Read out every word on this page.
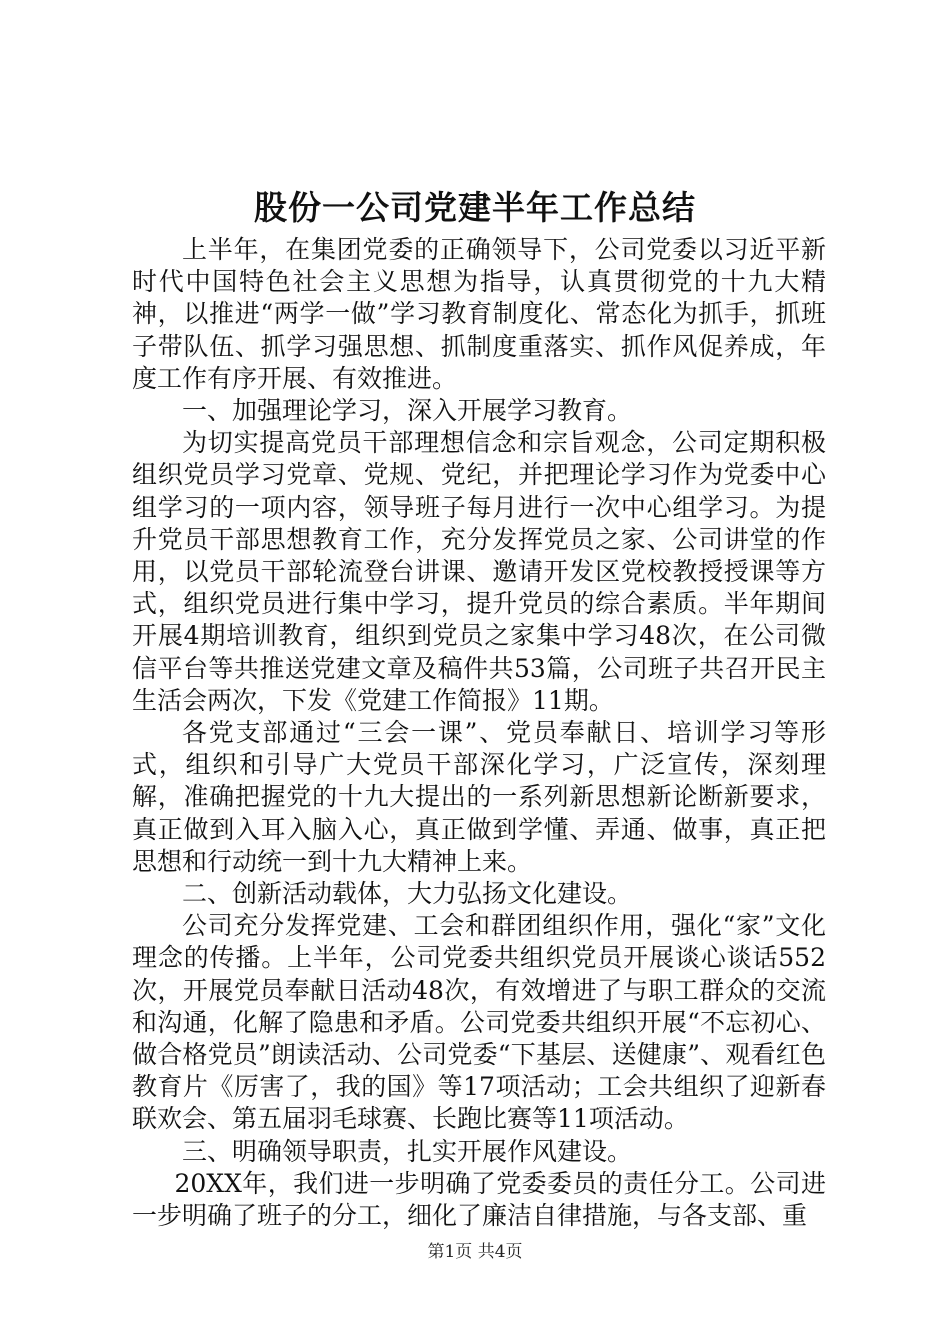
股份一公司党建半年工作总结

上半年，在集团党委的正确领导下，公司党委以习近平新时代中国特色社会主义思想为指导，认真贯彻党的十九大精神，以推进“两学一做”学习教育制度化、常态化为抓手，抓班子带队伍、抓学习强思想、抓制度重落实、抓作风促养成，年度工作有序开展、有效推进。

一、加强理论学习，深入开展学习教育。

为切实提高党员干部理想信念和宗旨观念，公司定期积极组织党员学习党章、党规、党纪，并把理论学习作为党委中心组学习的一项内容，领导班子每月进行一次中心组学习。为提升党员干部思想教育工作，充分发挥党员之家、公司讲堂的作用，以党员干部轮流登台讲课、邀请开发区党校教授授课等方式，组织党员进行集中学习，提升党员的综合素质。半年期间开展4期培训教育，组织到党员之家集中学习48次，在公司微信平台等共推送党建文章及稿件共53篇，公司班子共召开民主生活会两次，下发《党建工作简报》11期。

各党支部通过“三会一课”、党员奉献日、培训学习等形式，组织和引导广大党员干部深化学习，广泛宣传，深刻理解，准确把握党的十九大提出的一系列新思想新论断新要求，真正做到入耳入脑入心，真正做到学懂、弄通、做事，真正把思想和行动统一到十九大精神上来。

二、创新活动载体，大力弘扬文化建设。

公司充分发挥党建、工会和群团组织作用，强化“家”文化理念的传播。上半年，公司党委共组织党员开展谈心谈话552次，开展党员奉献日活动48次，有效增进了与职工群众的交流和沟通，化解了隐患和矛盾。公司党委共组织开展“不忘初心、做合格党员”朗读活动、公司党委“下基层、送健康”、观看红色教育片《厉害了，我的国》等17项活动；工会共组织了迎新春联欢会、第五届羽毛球赛、长跑比赛等11项活动。

三、明确领导职责，扎实开展作风建设。

20XX年，我们进一步明确了党委委员的责任分工。公司进一步明确了班子的分工，细化了廉洁自律措施，与各支部、重

第1页 共4页
